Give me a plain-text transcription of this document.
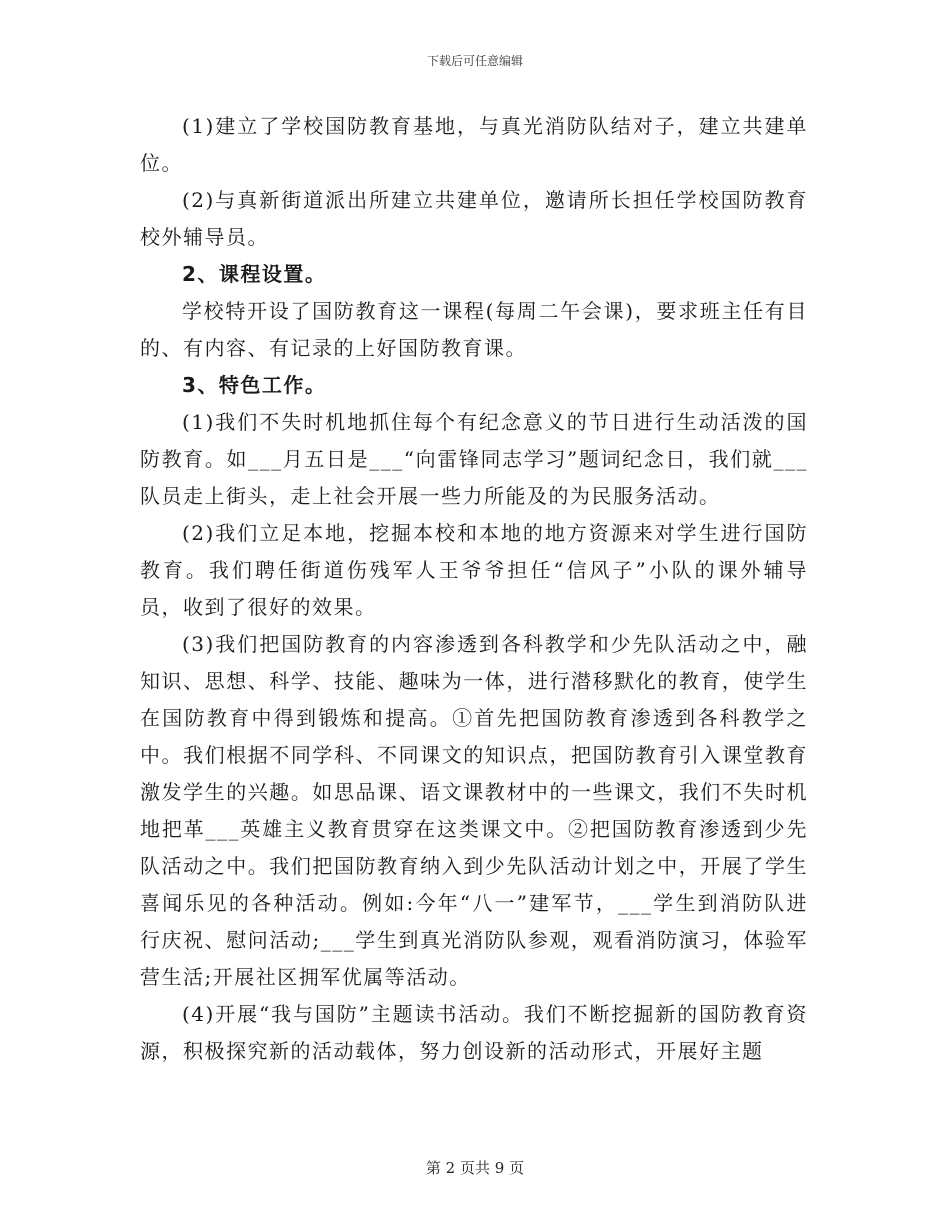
下载后可任意编辑

(1)建立了学校国防教育基地，与真光消防队结对子，建立共建单位。

(2)与真新街道派出所建立共建单位，邀请所长担任学校国防教育校外辅导员。

2、课程设置。

学校特开设了国防教育这一课程(每周二午会课)，要求班主任有目的、有内容、有记录的上好国防教育课。

3、特色工作。

(1)我们不失时机地抓住每个有纪念意义的节日进行生动活泼的国防教育。如___月五日是___“向雷锋同志学习”题词纪念日，我们就___队员走上街头，走上社会开展一些力所能及的为民服务活动。

(2)我们立足本地，挖掘本校和本地的地方资源来对学生进行国防教育。我们聘任街道伤残军人王爷爷担任“信风子”小队的课外辅导员，收到了很好的效果。

(3)我们把国防教育的内容渗透到各科教学和少先队活动之中，融知识、思想、科学、技能、趣味为一体，进行潜移默化的教育，使学生在国防教育中得到锻炼和提高。①首先把国防教育渗透到各科教学之中。我们根据不同学科、不同课文的知识点，把国防教育引入课堂教育激发学生的兴趣。如思品课、语文课教材中的一些课文，我们不失时机地把革___英雄主义教育贯穿在这类课文中。②把国防教育渗透到少先队活动之中。我们把国防教育纳入到少先队活动计划之中，开展了学生喜闻乐见的各种活动。例如:今年“八一”建军节，___学生到消防队进行庆祝、慰问活动;___学生到真光消防队参观，观看消防演习，体验军营生活;开展社区拥军优属等活动。

(4)开展“我与国防”主题读书活动。我们不断挖掘新的国防教育资源，积极探究新的活动载体，努力创设新的活动形式，开展好主题

第 2 页共 9 页
